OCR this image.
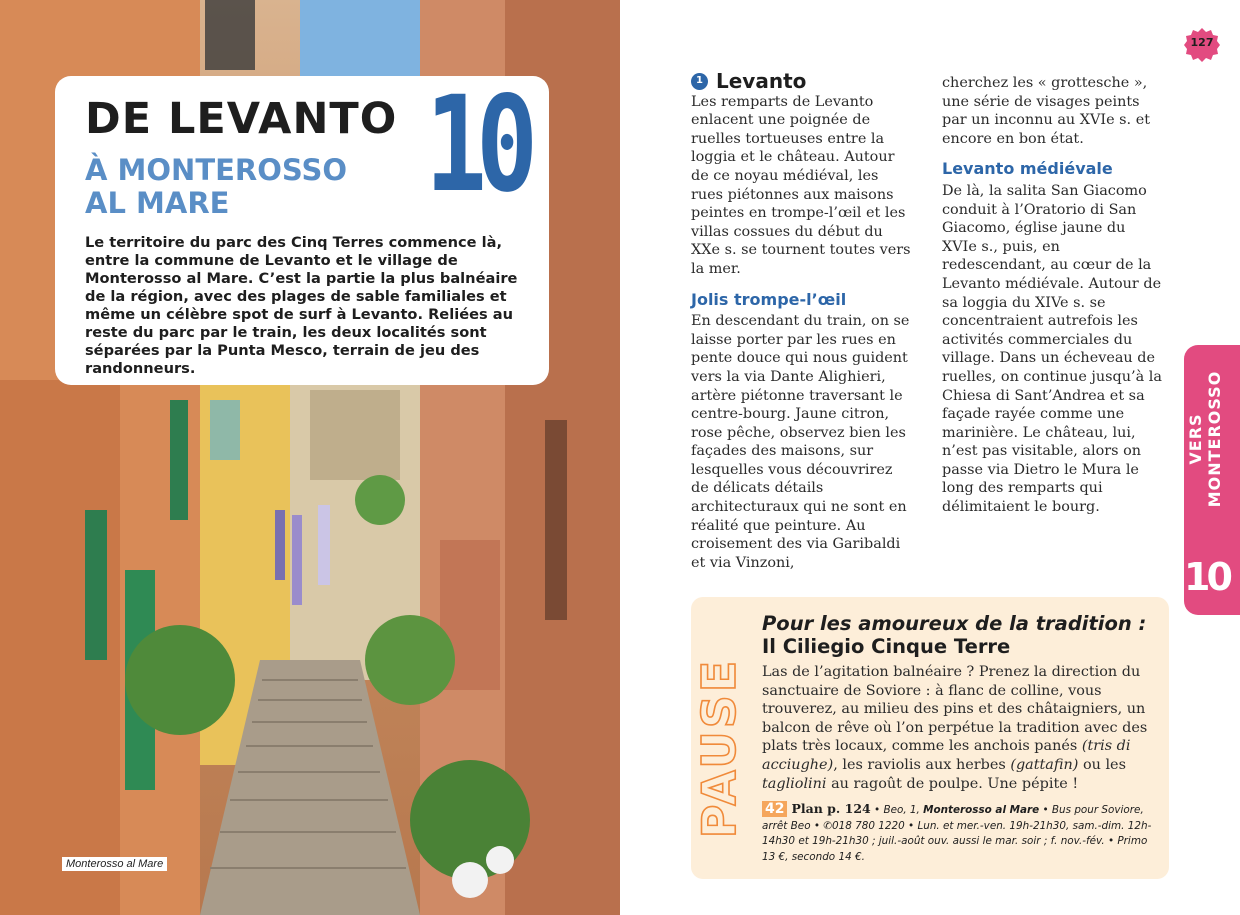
Monterosso al Mare
DE LEVANTO
À MONTEROSSO
AL MARE	10
Le territoire du parc des Cinq Terres commence là, entre la commune de Levanto et le village de Monterosso al Mare. C’est la partie la plus balnéaire de la région, avec des plages de sable familiales et même un célèbre spot de surf à Levanto. Reliées au reste du parc par le train, les deux localités sont séparées par la Punta Mesco, terrain de jeu des randonneurs.
127
VERS MONTEROSSO
10
1 Levanto

Les remparts de Levanto enlacent une poignée de ruelles tortueuses entre la loggia et le château. Autour de ce noyau médiéval, les rues piétonnes aux maisons peintes en trompe-l’œil et les villas cossues du début du XXe s. se tournent toutes vers la mer.

Jolis trompe-l’œil

En descendant du train, on se laisse porter par les rues en pente douce qui nous guident vers la via Dante Alighieri, artère piétonne traversant le centre-bourg. Jaune citron, rose pêche, observez bien les façades des maisons, sur lesquelles vous découvrirez de délicats détails architecturaux qui ne sont en réalité que peinture. Au croisement des via Garibaldi et via Vinzoni,

cherchez les « grottesche », une série de visages peints par un inconnu au XVIe s. et encore en bon état.

Levanto médiévale

De là, la salita San Giacomo conduit à l’Oratorio di San Giacomo, église jaune du XVIe s., puis, en redescendant, au cœur de la Levanto médiévale. Autour de sa loggia du XIVe s. se concentraient autrefois les activités commerciales du village. Dans un écheveau de ruelles, on continue jusqu’à la Chiesa di Sant’Andrea et sa façade rayée comme une marinière. Le château, lui, n’est pas visitable, alors on passe via Dietro le Mura le long des remparts qui délimitaient le bourg.

PAUSE
Pour les amoureux de la tradition :
Il Ciliegio Cinque Terre
Las de l’agitation balnéaire ? Prenez la direction du sanctuaire de Soviore : à flanc de colline, vous trouverez, au milieu des pins et des châtaigniers, un balcon de rêve où l’on perpétue la tradition avec des plats très locaux, comme les anchois panés (tris di acciughe), les raviolis aux herbes (gattafin) ou les tagliolini au ragoût de poulpe. Une pépite !
42 Plan p. 124 • Beo, 1, Monterosso al Mare • Bus pour Soviore, arrêt Beo • ✆018 780 1220 • Lun. et mer.-ven. 19h-21h30, sam.-dim. 12h-14h30 et 19h-21h30 ; juil.-août ouv. aussi le mar. soir ; f. nov.-fév. • Primo 13 €, secondo 14 €.
